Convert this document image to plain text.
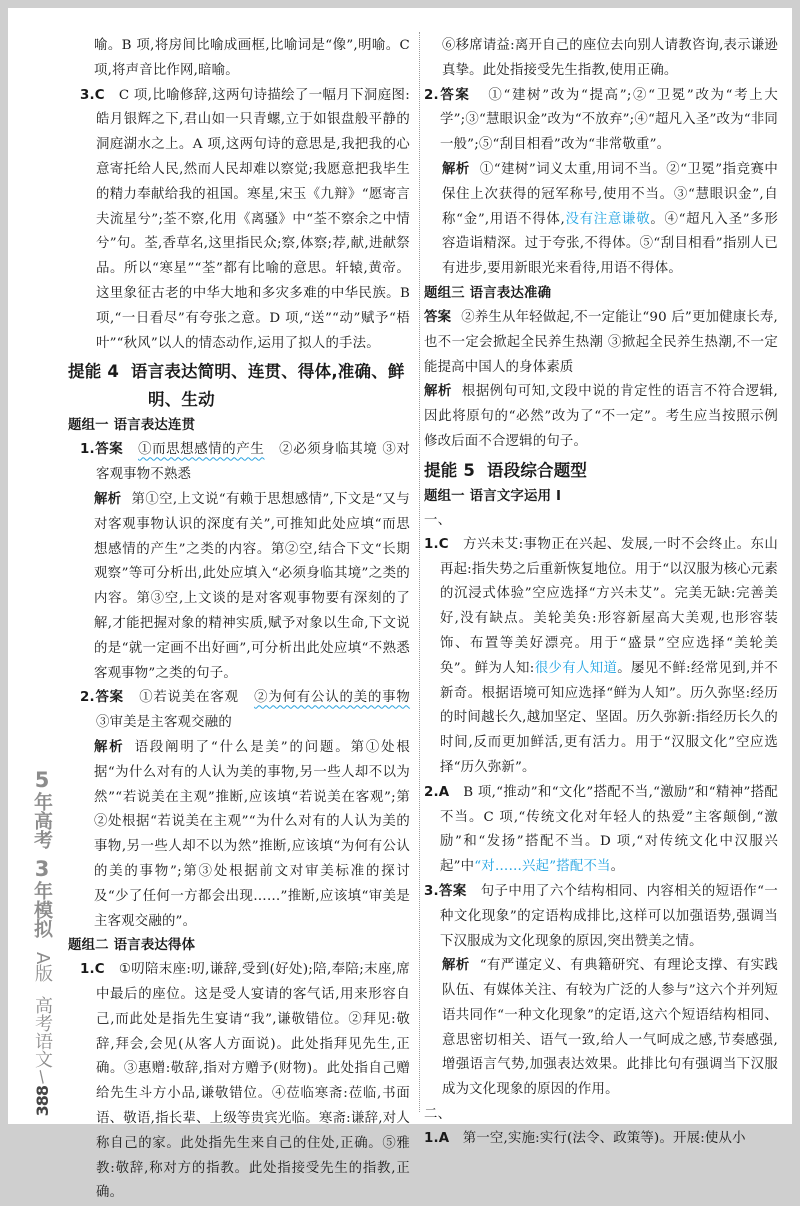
喻。B 项,将房间比喻成画框,比喻词是“像”,明喻。C 项,将声音比作网,暗喻。

3.C C 项,比喻修辞,这两句诗描绘了一幅月下洞庭图:皓月银辉之下,君山如一只青螺,立于如银盘般平静的洞庭湖水之上。A 项,这两句诗的意思是,我把我的心意寄托给人民,然而人民却难以察觉;我愿意把我毕生的精力奉献给我的祖国。寒星,宋玉《九辩》“愿寄言夫流星兮”;荃不察,化用《离骚》中“荃不察余之中情兮”句。荃,香草名,这里指民众;察,体察;荐,献,进献祭品。所以“寒星”“荃”都有比喻的意思。轩辕,黄帝。这里象征古老的中华大地和多灾多难的中华民族。B 项,“一日看尽”有夸张之意。D 项,“送”“动”赋予“梧叶”“秋风”以人的情态动作,运用了拟人的手法。

提能 4 语言表达简明、连贯、得体,准确、鲜
明、生动
题组一 语言表达连贯

1.答案 ①而思想感情的产生 ②必须身临其境 ③对客观事物不熟悉

解析 第①空,上文说“有赖于思想感情”,下文是“又与对客观事物认识的深度有关”,可推知此处应填“而思想感情的产生”之类的内容。第②空,结合下文“长期观察”等可分析出,此处应填入“必须身临其境”之类的内容。第③空,上文谈的是对客观事物要有深刻的了解,才能把握对象的精神实质,赋予对象以生命,下文说的是“就一定画不出好画”,可分析出此处应填“不熟悉客观事物”之类的句子。

2.答案 ①若说美在客观 ②为何有公认的美的事物 ③审美是主客观交融的

解析 语段阐明了“什么是美”的问题。第①处根据“为什么对有的人认为美的事物,另一些人却不以为然”“若说美在主观”推断,应该填“若说美在客观”;第②处根据“若说美在主观”“为什么对有的人认为美的事物,另一些人却不以为然”推断,应该填“为何有公认的美的事物”;第③处根据前文对审美标准的探讨及“少了任何一方都会出现……”推断,应该填“审美是主客观交融的”。

题组二 语言表达得体

1.C ①叨陪末座:叨,谦辞,受到(好处);陪,奉陪;末座,席中最后的座位。这是受人宴请的客气话,用来形容自己,而此处是指先生宴请“我”,谦敬错位。②拜见:敬辞,拜会,会见(从客人方面说)。此处指拜见先生,正确。③惠赠:敬辞,指对方赠予(财物)。此处指自己赠给先生斗方小品,谦敬错位。④莅临寒斋:莅临,书面语、敬语,指长辈、上级等贵宾光临。寒斋:谦辞,对人称自己的家。此处指先生来自己的住处,正确。⑤雅教:敬辞,称对方的指教。此处指接受先生的指教,正确。

⑥移席请益:离开自己的座位去向别人请教咨询,表示谦逊真挚。此处指接受先生指教,使用正确。

2.答案 ①“建树”改为“提高”;②“卫冕”改为“考上大学”;③“慧眼识金”改为“不放弃”;④“超凡入圣”改为“非同一般”;⑤“刮目相看”改为“非常敬重”。

解析 ①“建树”词义太重,用词不当。②“卫冕”指竞赛中保住上次获得的冠军称号,使用不当。③“慧眼识金”,自称“金”,用语不得体,没有注意谦敬。④“超凡入圣”多形容造诣精深。过于夸张,不得体。⑤“刮目相看”指别人已有进步,要用新眼光来看待,用语不得体。

题组三 语言表达准确

答案 ②养生从年轻做起,不一定能让“90 后”更加健康长寿,也不一定会掀起全民养生热潮 ③掀起全民养生热潮,不一定能提高中国人的身体素质

解析 根据例句可知,文段中说的肯定性的语言不符合逻辑,因此将原句的“必然”改为了“不一定”。考生应当按照示例修改后面不合逻辑的句子。

提能 5 语段综合题型
题组一 语言文字运用 Ⅰ
一、

1.C 方兴未艾:事物正在兴起、发展,一时不会终止。东山再起:指失势之后重新恢复地位。用于“以汉服为核心元素的沉浸式体验”空应选择“方兴未艾”。完美无缺:完善美好,没有缺点。美轮美奂:形容新屋高大美观,也形容装饰、布置等美好漂亮。用于“盛景”空应选择“美轮美奂”。鲜为人知:很少有人知道。屡见不鲜:经常见到,并不新奇。根据语境可知应选择“鲜为人知”。历久弥坚:经历的时间越长久,越加坚定、坚固。历久弥新:指经历长久的时间,反而更加鲜活,更有活力。用于“汉服文化”空应选择“历久弥新”。

2.A B 项,“推动”和“文化”搭配不当,“激励”和“精神”搭配不当。C 项,“传统文化对年轻人的热爱”主客颠倒,“激励”和“发扬”搭配不当。D 项,“对传统文化中汉服兴起”中“对……兴起”搭配不当。

3.答案 句子中用了六个结构相同、内容相关的短语作“一种文化现象”的定语构成排比,这样可以加强语势,强调当下汉服成为文化现象的原因,突出赞美之情。

解析 “有严谨定义、有典籍研究、有理论支撑、有实践队伍、有媒体关注、有较为广泛的人参与”这六个并列短语共同作“一种文化现象”的定语,这六个短语结构相同、意思密切相关、语气一致,给人一气呵成之感,节奏感强,增强语言气势,加强表达效果。此排比句有强调当下汉服成为文化现象的原因的作用。

二、

1.A 第一空,实施:实行(法令、政策等)。开展:使从小

5
年高考
3
年模拟
A版
高考语文
/
388
